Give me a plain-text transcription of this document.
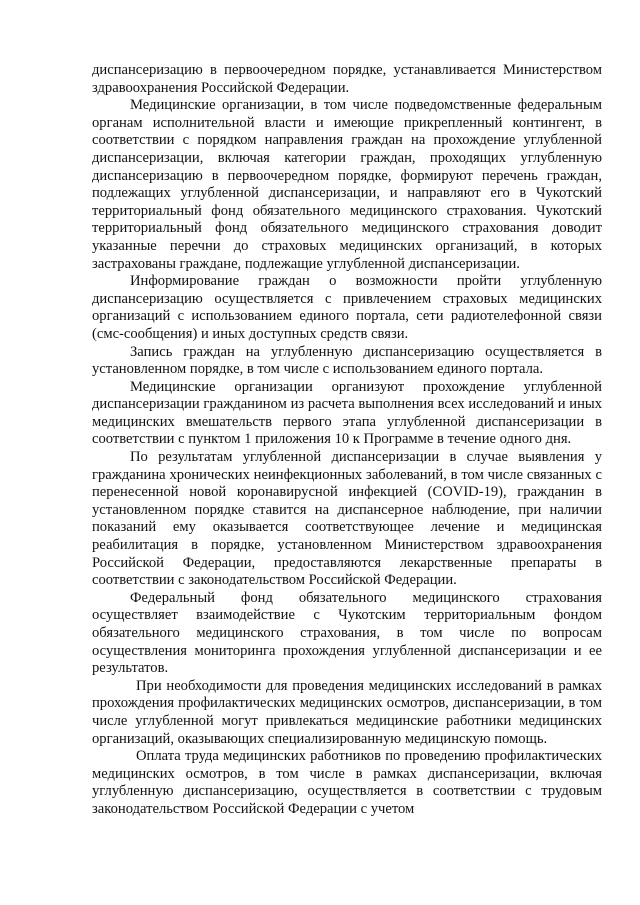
диспансеризацию в первоочередном порядке, устанавливается Министерством здравоохранения Российской Федерации.

Медицинские организации, в том числе подведомственные федеральным органам исполнительной власти и имеющие прикрепленный контингент, в соответствии с порядком направления граждан на прохождение углубленной диспансеризации, включая категории граждан, проходящих углубленную диспансеризацию в первоочередном порядке, формируют перечень граждан, подлежащих углубленной диспансеризации, и направляют его в Чукотский территориальный фонд обязательного медицинского страхования. Чукотский территориальный фонд обязательного медицинского страхования доводит указанные перечни до страховых медицинских организаций, в которых застрахованы граждане, подлежащие углубленной диспансеризации.

Информирование граждан о возможности пройти углубленную диспансеризацию осуществляется с привлечением страховых медицинских организаций с использованием единого портала, сети радиотелефонной связи (смс-сообщения) и иных доступных средств связи.

Запись граждан на углубленную диспансеризацию осуществляется в установленном порядке, в том числе с использованием единого портала.

Медицинские организации организуют прохождение углубленной диспансеризации гражданином из расчета выполнения всех исследований и иных медицинских вмешательств первого этапа углубленной диспансеризации в соответствии с пунктом 1 приложения 10 к Программе в течение одного дня.

По результатам углубленной диспансеризации в случае выявления у гражданина хронических неинфекционных заболеваний, в том числе связанных с перенесенной новой коронавирусной инфекцией (COVID-19), гражданин в установленном порядке ставится на диспансерное наблюдение, при наличии показаний ему оказывается соответствующее лечение и медицинская реабилитация в порядке, установленном Министерством здравоохранения Российской Федерации, предоставляются лекарственные препараты в соответствии с законодательством Российской Федерации.

Федеральный фонд обязательного медицинского страхования осуществляет взаимодействие с Чукотским территориальным фондом обязательного медицинского страхования, в том числе по вопросам осуществления мониторинга прохождения углубленной диспансеризации и ее результатов.

При необходимости для проведения медицинских исследований в рамках прохождения профилактических медицинских осмотров, диспансеризации, в том числе углубленной могут привлекаться медицинские работники медицинских организаций, оказывающих специализированную медицинскую помощь.

Оплата труда медицинских работников по проведению профилактических медицинских осмотров, в том числе в рамках диспансеризации, включая углубленную диспансеризацию, осуществляется в соответствии с трудовым законодательством Российской Федерации с учетом
